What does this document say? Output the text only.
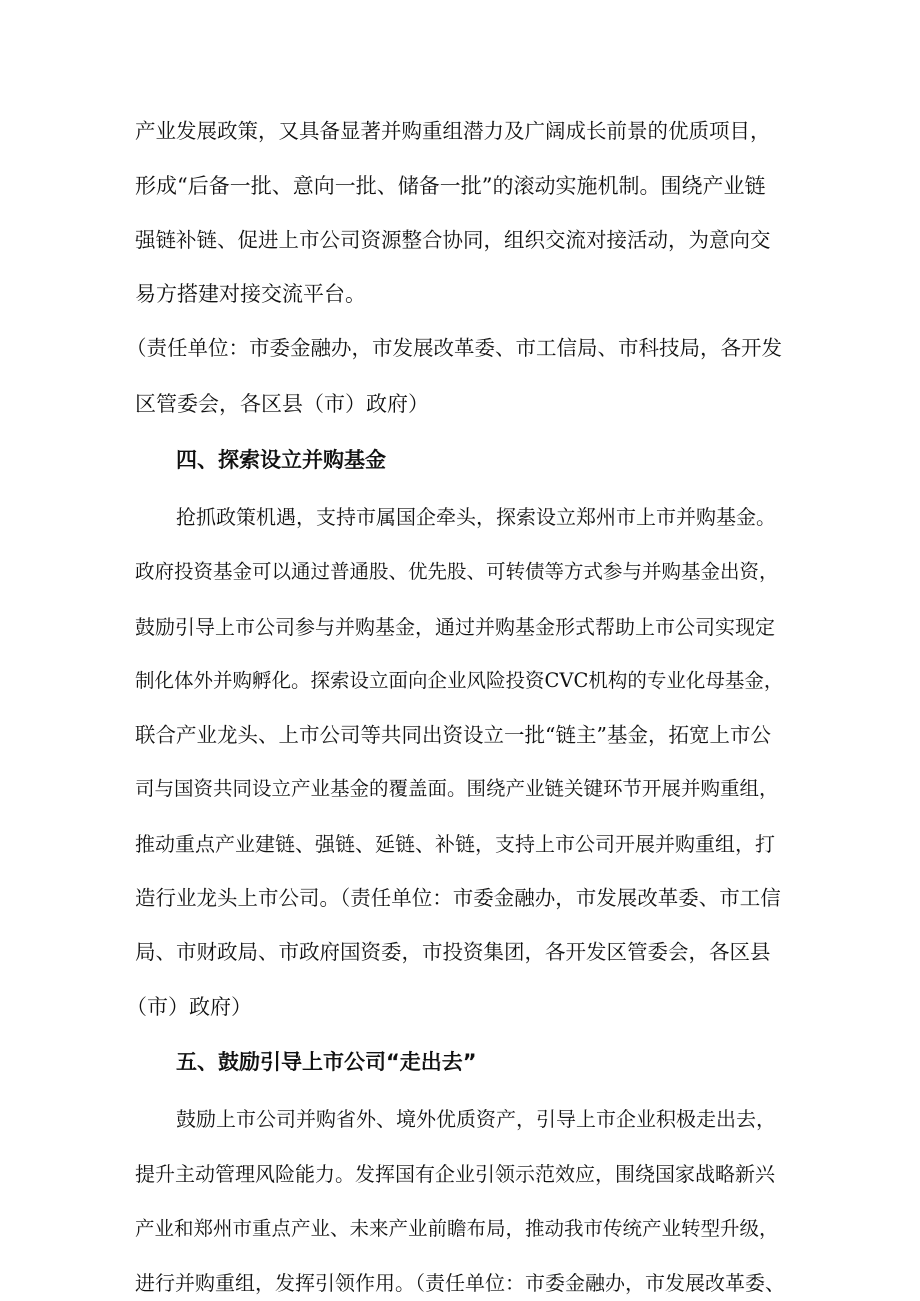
产业发展政策，又具备显著并购重组潜力及广阔成长前景的优质项目，
形成“后备一批、意向一批、储备一批”的滚动实施机制。围绕产业链
强链补链、促进上市公司资源整合协同，组织交流对接活动，为意向交
易方搭建对接交流平台。
（责任单位：市委金融办，市发展改革委、市工信局、市科技局，各开发
区管委会，各区县（市）政府）
四、探索设立并购基金
抢抓政策机遇，支持市属国企牵头，探索设立郑州市上市并购基金。
政府投资基金可以通过普通股、优先股、可转债等方式参与并购基金出资，
鼓励引导上市公司参与并购基金，通过并购基金形式帮助上市公司实现定
制化体外并购孵化。探索设立面向企业风险投资CVC机构的专业化母基金，
联合产业龙头、上市公司等共同出资设立一批“链主”基金，拓宽上市公
司与国资共同设立产业基金的覆盖面。围绕产业链关键环节开展并购重组，
推动重点产业建链、强链、延链、补链，支持上市公司开展并购重组，打
造行业龙头上市公司。（责任单位：市委金融办，市发展改革委、市工信
局、市财政局、市政府国资委，市投资集团，各开发区管委会，各区县
（市）政府）
五、鼓励引导上市公司“走出去”
鼓励上市公司并购省外、境外优质资产，引导上市企业积极走出去，
提升主动管理风险能力。发挥国有企业引领示范效应，围绕国家战略新兴
产业和郑州市重点产业、未来产业前瞻布局，推动我市传统产业转型升级，
进行并购重组，发挥引领作用。（责任单位：市委金融办，市发展改革委、
